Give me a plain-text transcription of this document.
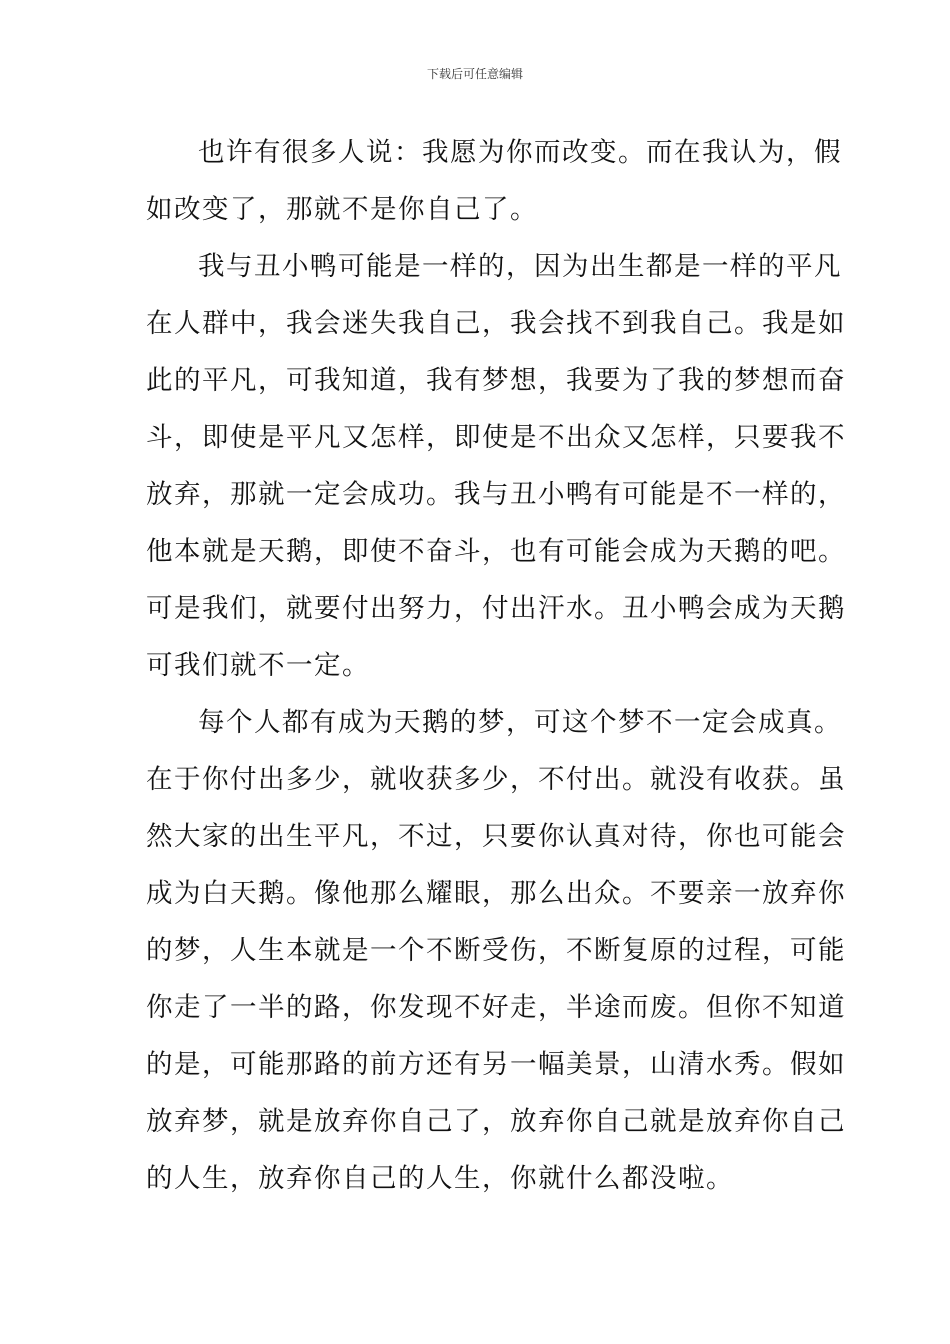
下载后可任意编辑
也许有很多人说：我愿为你而改变。而在我认为，假
如改变了，那就不是你自己了。
我与丑小鸭可能是一样的，因为出生都是一样的平凡
在人群中，我会迷失我自己，我会找不到我自己。我是如
此的平凡，可我知道，我有梦想，我要为了我的梦想而奋
斗，即使是平凡又怎样，即使是不出众又怎样，只要我不
放弃，那就一定会成功。我与丑小鸭有可能是不一样的，
他本就是天鹅，即使不奋斗，也有可能会成为天鹅的吧。
可是我们，就要付出努力，付出汗水。丑小鸭会成为天鹅
可我们就不一定。
每个人都有成为天鹅的梦，可这个梦不一定会成真。
在于你付出多少，就收获多少，不付出。就没有收获。虽
然大家的出生平凡，不过，只要你认真对待，你也可能会
成为白天鹅。像他那么耀眼，那么出众。不要亲一放弃你
的梦，人生本就是一个不断受伤，不断复原的过程，可能
你走了一半的路，你发现不好走，半途而废。但你不知道
的是，可能那路的前方还有另一幅美景，山清水秀。假如
放弃梦，就是放弃你自己了，放弃你自己就是放弃你自己
的人生，放弃你自己的人生，你就什么都没啦。
